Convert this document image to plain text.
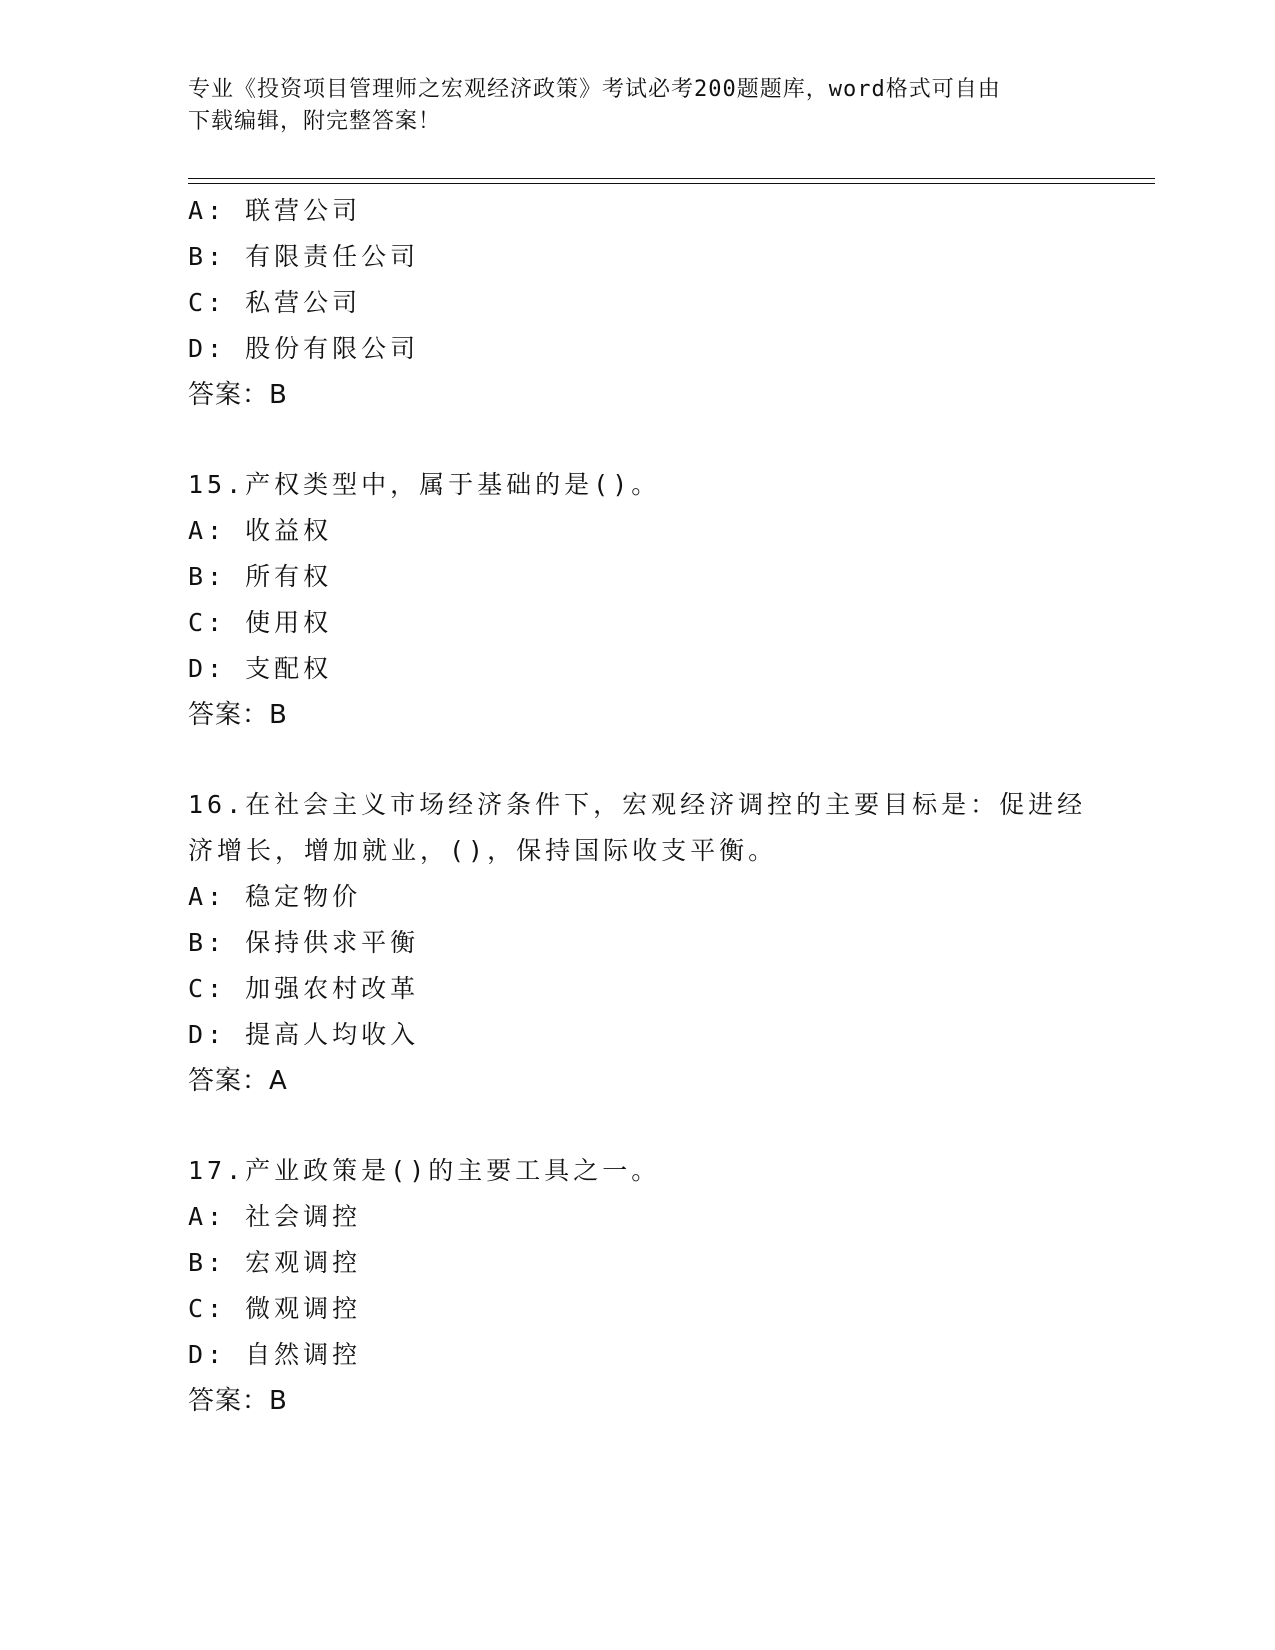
专业《投资项目管理师之宏观经济政策》考试必考200题题库，word格式可自由
下载编辑，附完整答案！
A: 联营公司
B: 有限责任公司
C: 私营公司
D: 股份有限公司
答案：B
15.产权类型中，属于基础的是()。
A: 收益权
B: 所有权
C: 使用权
D: 支配权
答案：B
16.在社会主义市场经济条件下，宏观经济调控的主要目标是：促进经
济增长，增加就业，()，保持国际收支平衡。
A: 稳定物价
B: 保持供求平衡
C: 加强农村改革
D: 提高人均收入
答案：A
17.产业政策是()的主要工具之一。
A: 社会调控
B: 宏观调控
C: 微观调控
D: 自然调控
答案：B
